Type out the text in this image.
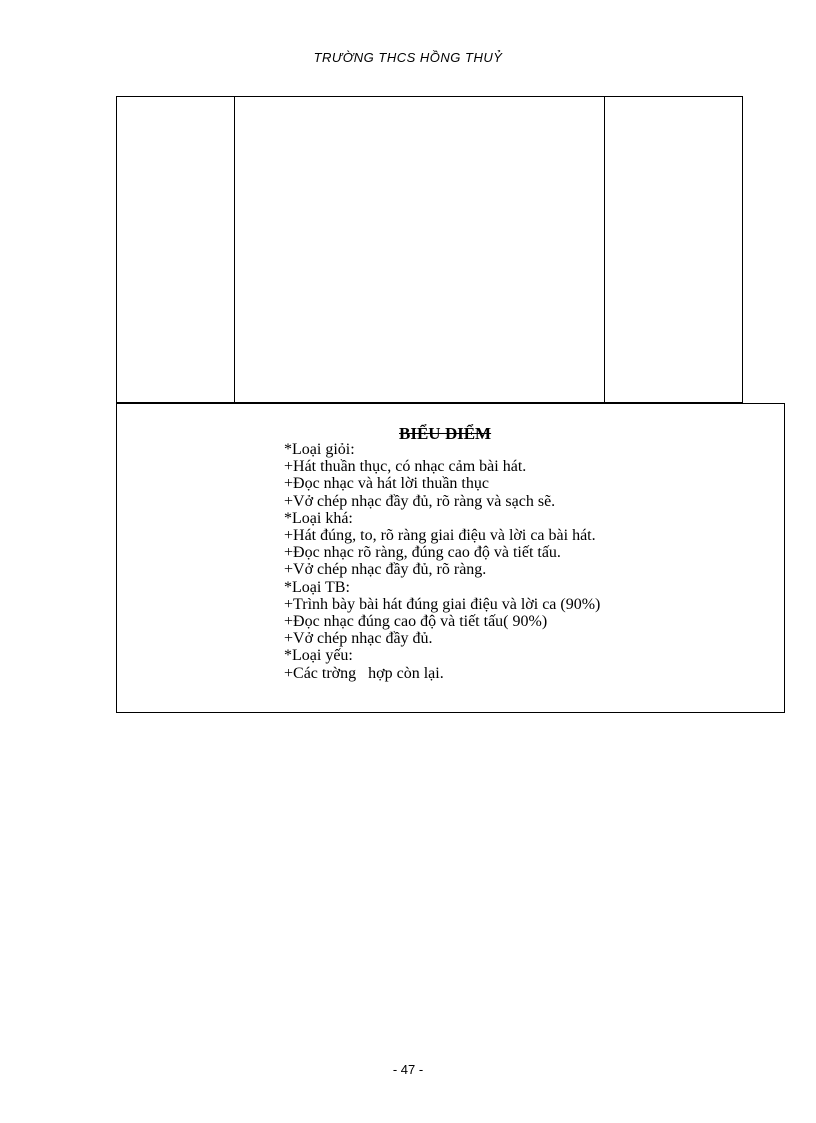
TRƯỜNG THCS HỒNG THUỶ
BIỂU ĐIỂM
*Loại giỏi:
+Hát thuần thục, có nhạc cảm bài hát.
+Đọc nhạc và hát lời thuần thục
+Vở chép nhạc đầy đủ, rõ ràng và sạch sẽ.
*Loại khá:
+Hát đúng, to, rõ ràng giai điệu và lời ca bài hát.
+Đọc nhạc rõ ràng, đúng cao độ và tiết tấu.
+Vở chép nhạc đầy đủ, rõ ràng.
*Loại TB:
+Trình bày bài hát đúng giai điệu và lời ca (90%)
+Đọc nhạc đúng cao độ và tiết tấu( 90%)
+Vở chép nhạc đầy đủ.
*Loại yếu:
+Các trờng   hợp còn lại.
- 47 -
